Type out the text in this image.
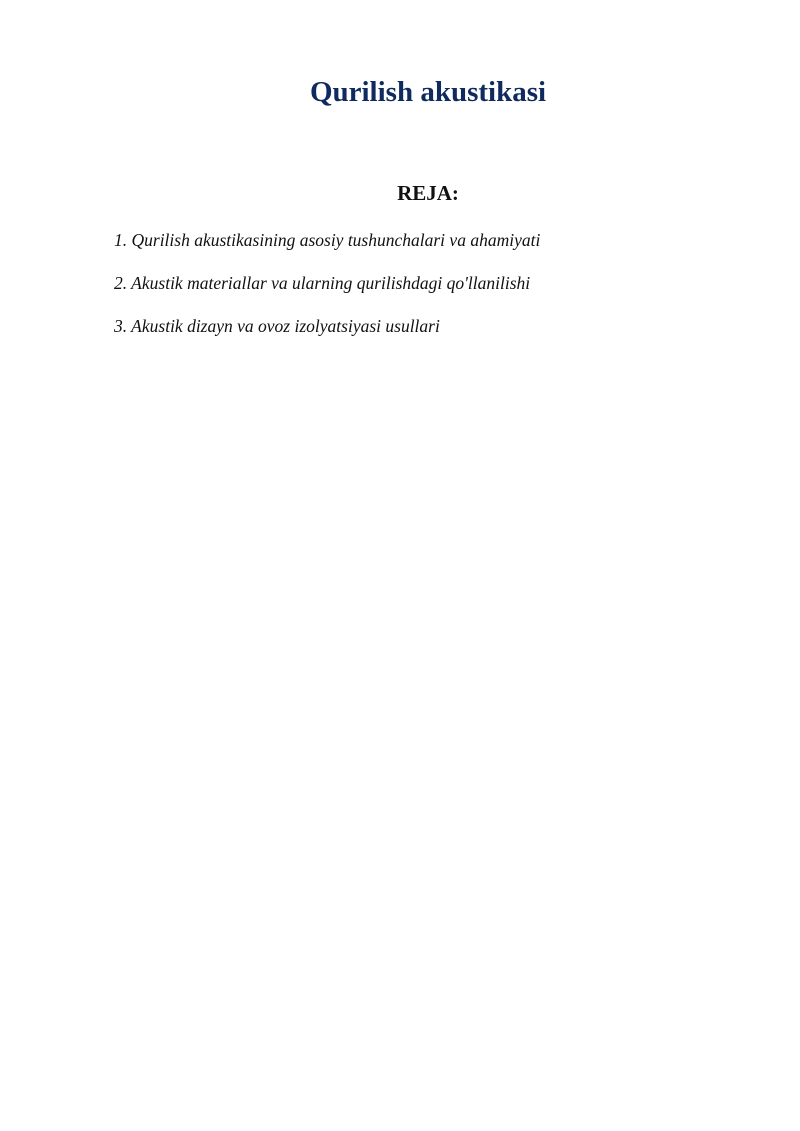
Qurilish akustikasi
REJA:
1. Qurilish akustikasining asosiy tushunchalari va ahamiyati
2. Akustik materiallar va ularning qurilishdagi qo'llanilishi
3. Akustik dizayn va ovoz izolyatsiyasi usullari
